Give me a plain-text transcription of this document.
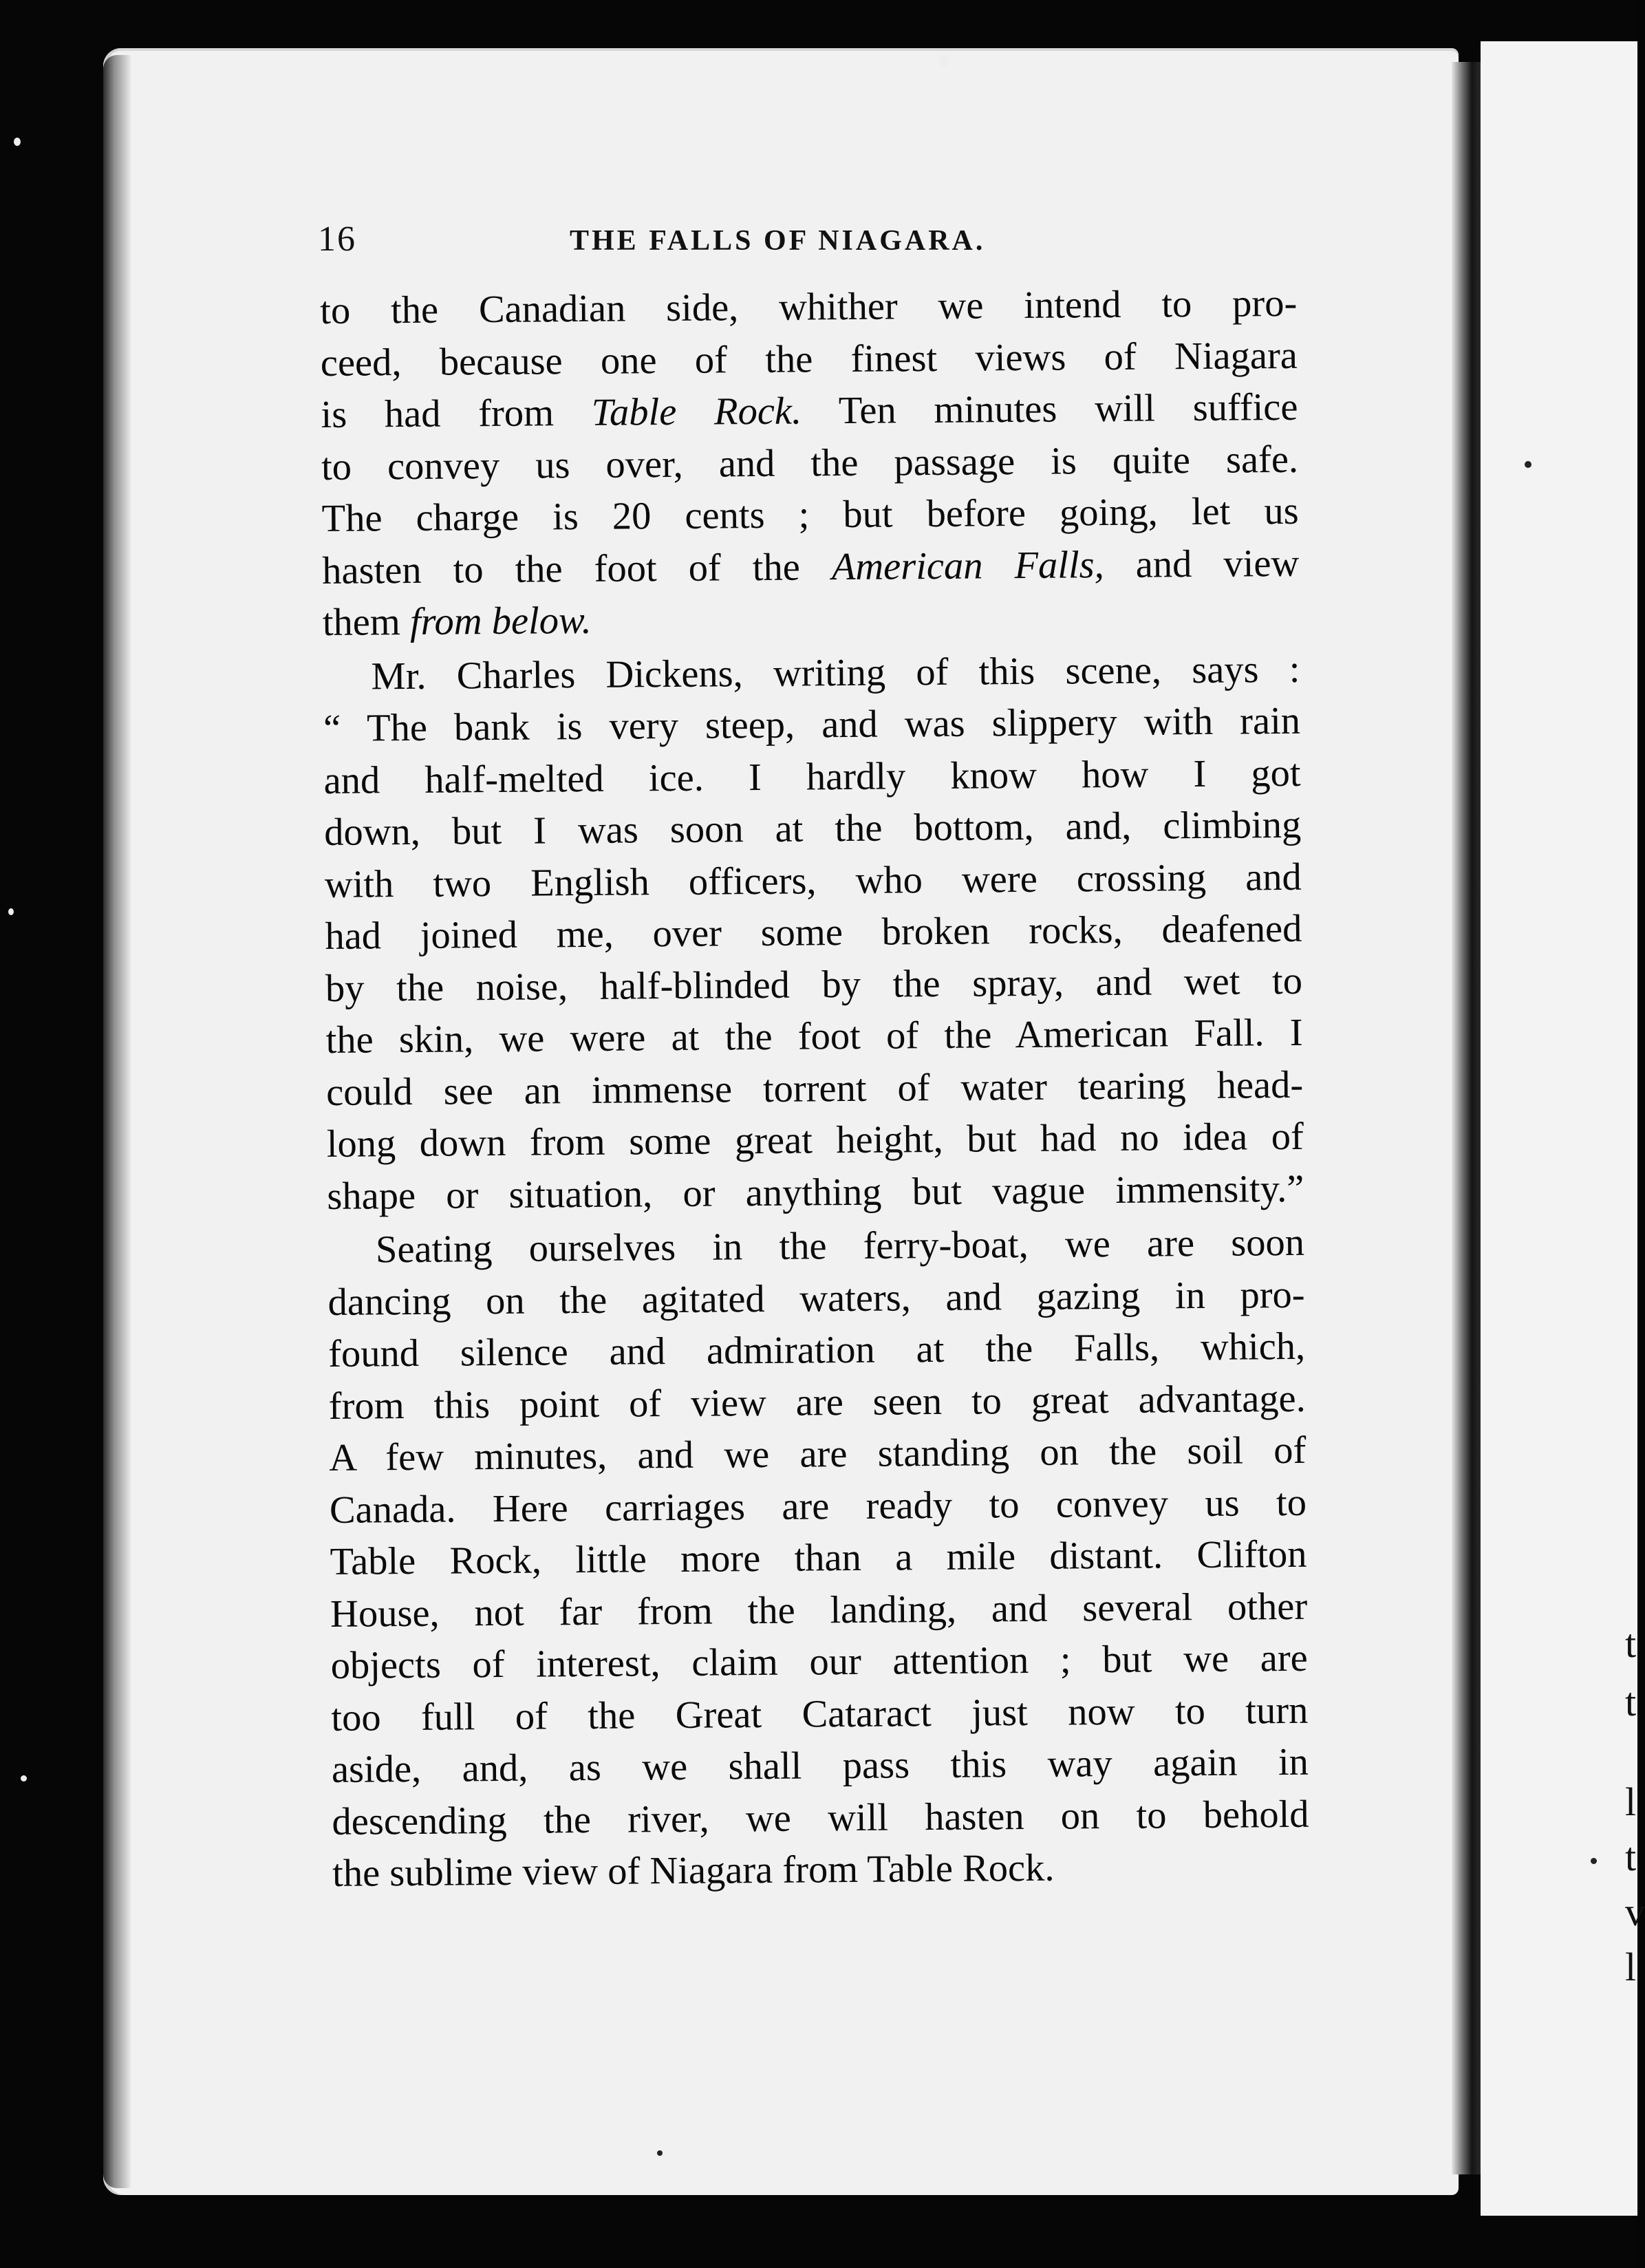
t
t
l
t
v
l
16	THE FALLS OF NIAGARA.
to the Canadian side, whither we intend to pro-
ceed, because one of the finest views of Niagara
is had from Table Rock. Ten minutes will suffice
to convey us over, and the passage is quite safe.
The charge is 20 cents ; but before going, let us
hasten to the foot of the American Falls, and view
them from below.
Mr. Charles Dickens, writing of this scene, says :
“ The bank is very steep, and was slippery with rain
and half-melted ice. I hardly know how I got
down, but I was soon at the bottom, and, climbing
with two English officers, who were crossing and
had joined me, over some broken rocks, deafened
by the noise, half-blinded by the spray, and wet to
the skin, we were at the foot of the American Fall. I
could see an immense torrent of water tearing head-
long down from some great height, but had no idea of
shape or situation, or anything but vague immensity.”
Seating ourselves in the ferry-boat, we are soon
dancing on the agitated waters, and gazing in pro-
found silence and admiration at the Falls, which,
from this point of view are seen to great advantage.
A few minutes, and we are standing on the soil of
Canada. Here carriages are ready to convey us to
Table Rock, little more than a mile distant. Clifton
House, not far from the landing, and several other
objects of interest, claim our attention ; but we are
too full of the Great Cataract just now to turn
aside, and, as we shall pass this way again in
descending the river, we will hasten on to behold
the sublime view of Niagara from Table Rock.
